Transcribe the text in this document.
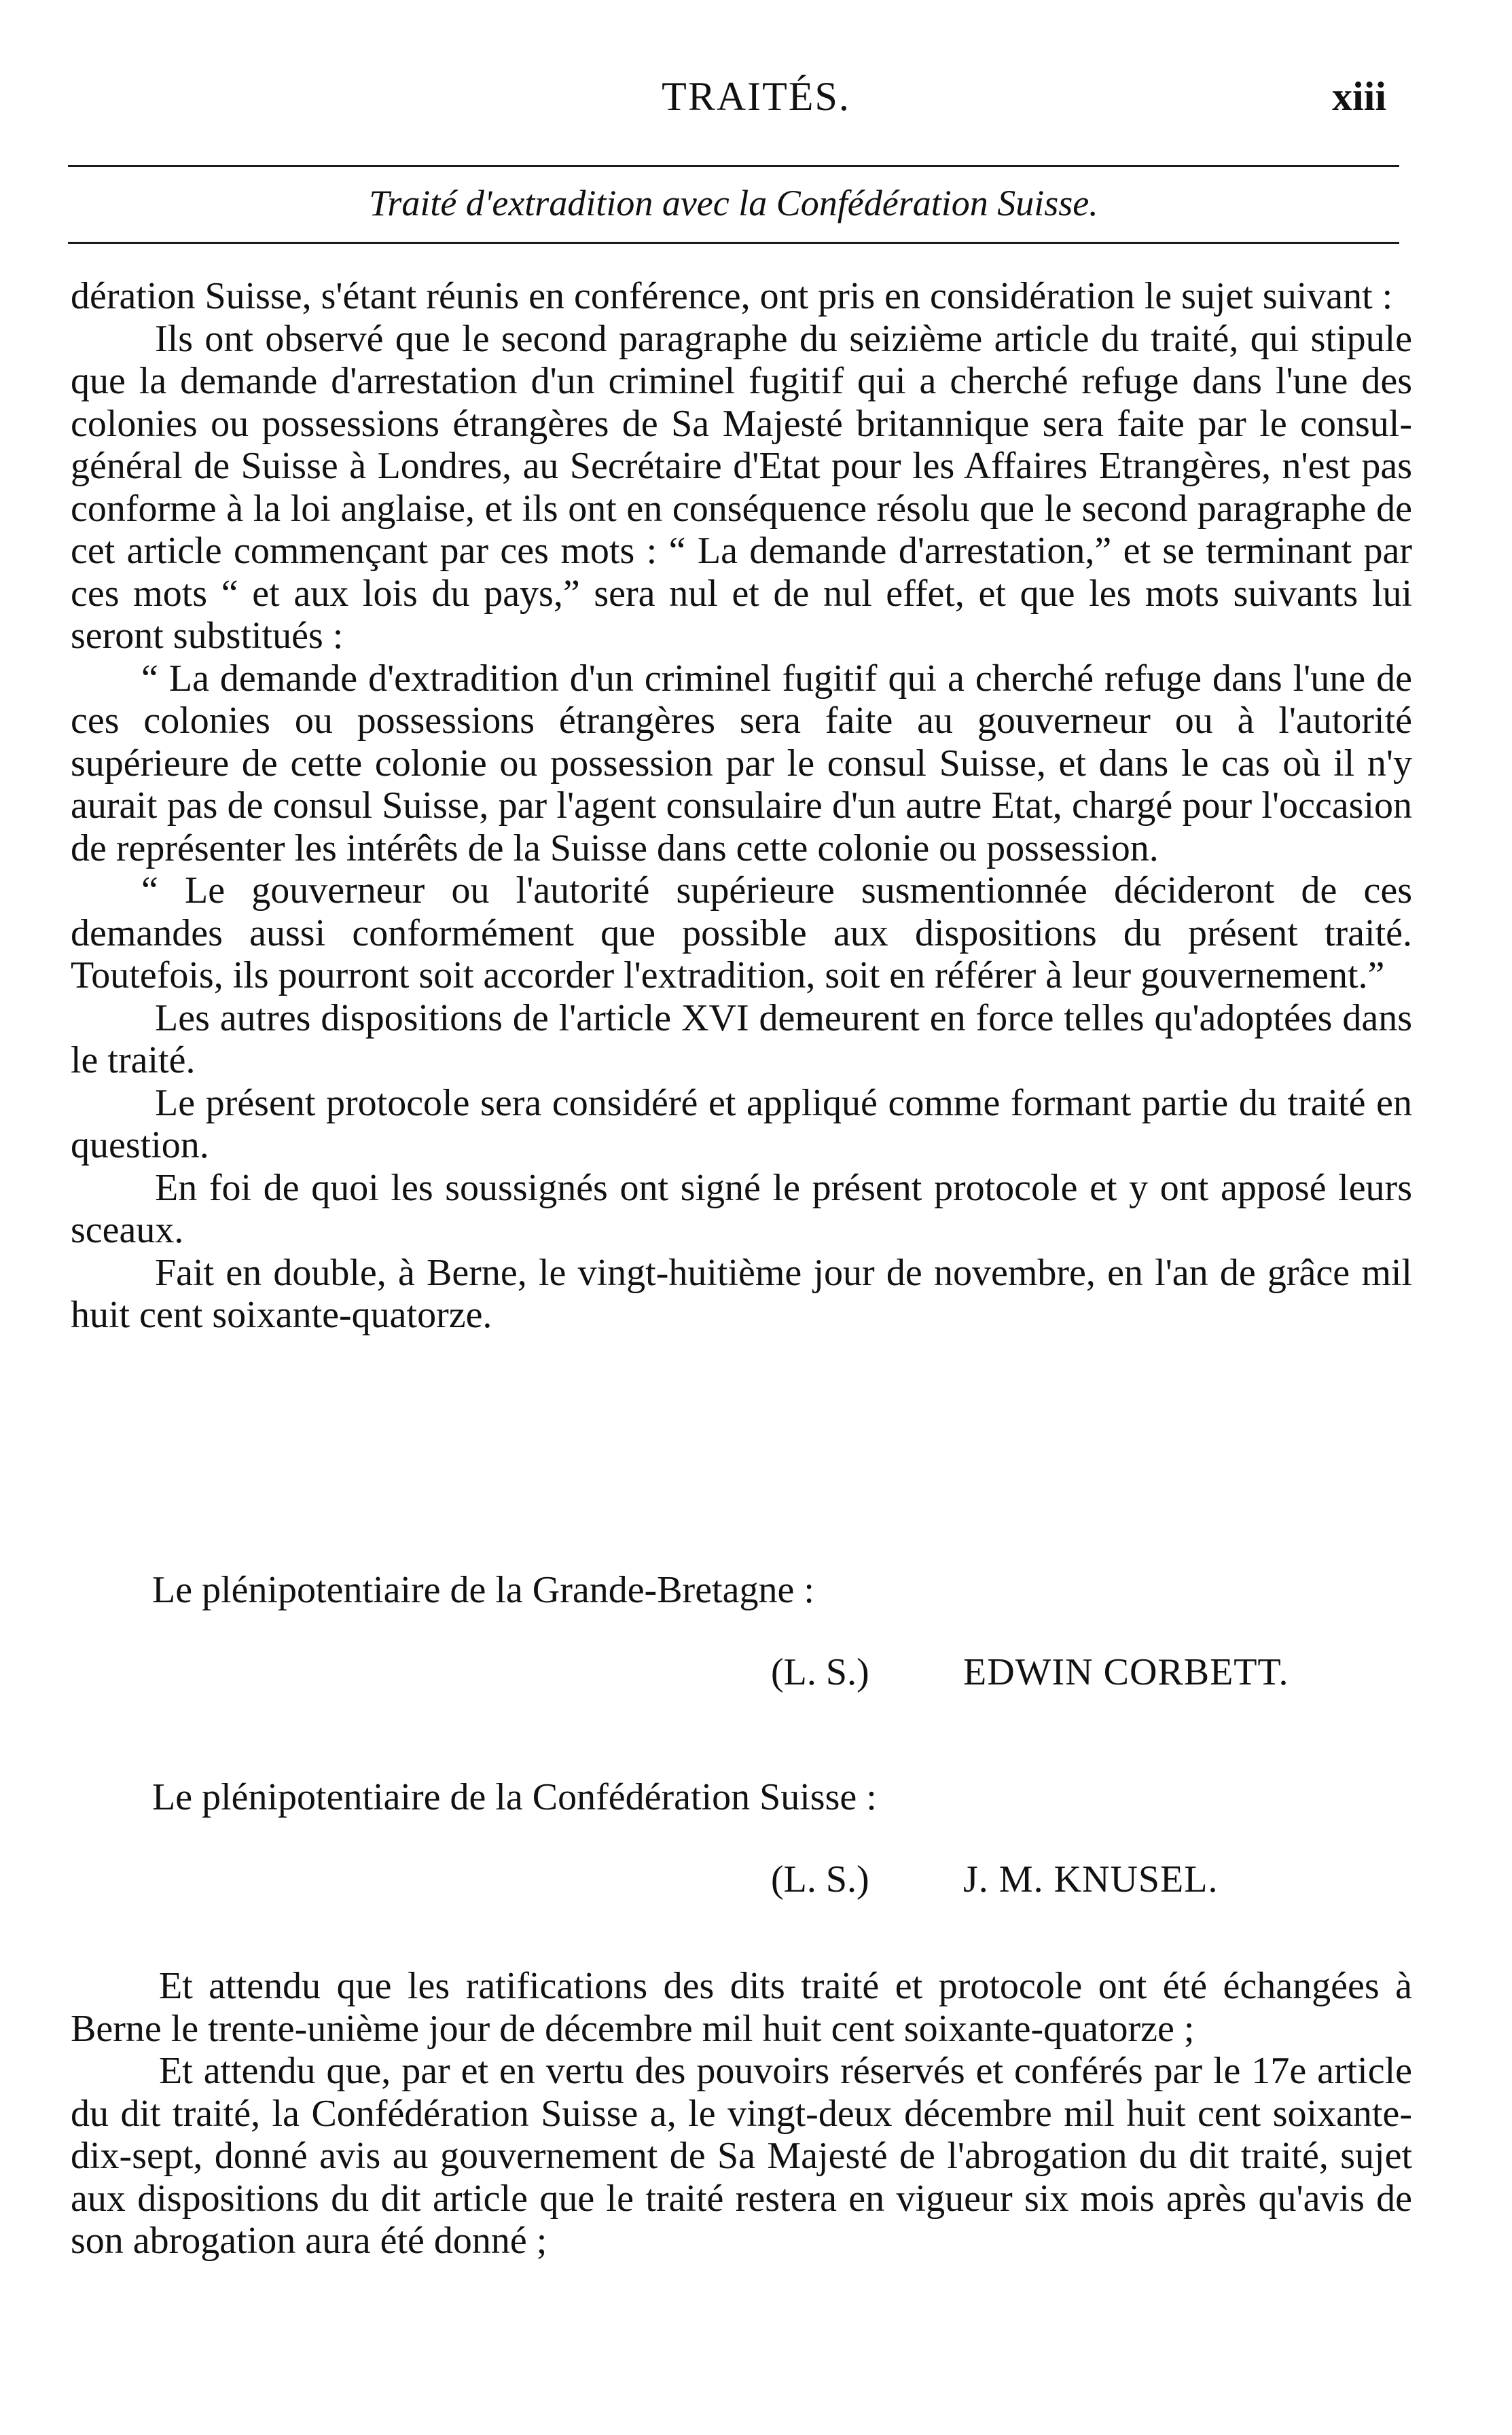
TRAITÉS.	xiii
Traité d'extradition avec la Confédération Suisse.

dération Suisse, s'étant réunis en conférence, ont pris en considération le sujet suivant :

Ils ont observé que le second paragraphe du seizième article du traité, qui stipule que la demande d'arrestation d'un criminel fugitif qui a cherché refuge dans l'une des colonies ou possessions étrangères de Sa Majesté britannique sera faite par le consul-général de Suisse à Londres, au Secrétaire d'Etat pour les Affaires Etrangères, n'est pas conforme à la loi anglaise, et ils ont en conséquence résolu que le second paragraphe de cet article commençant par ces mots : “ La demande d'arrestation,” et se terminant par ces mots “ et aux lois du pays,” sera nul et de nul effet, et que les mots suivants lui seront substitués :

“ La demande d'extradition d'un criminel fugitif qui a cherché refuge dans l'une de ces colonies ou possessions étrangères sera faite au gouverneur ou à l'autorité supérieure de cette colonie ou possession par le consul Suisse, et dans le cas où il n'y aurait pas de consul Suisse, par l'agent consulaire d'un autre Etat, chargé pour l'occasion de représenter les intérêts de la Suisse dans cette colonie ou possession.

“ Le gouverneur ou l'autorité supérieure susmentionnée décideront de ces demandes aussi conformément que possible aux dispositions du présent traité. Toutefois, ils pourront soit accorder l'extradition, soit en référer à leur gouvernement.”

Les autres dispositions de l'article XVI demeurent en force telles qu'adoptées dans le traité.

Le présent protocole sera considéré et appliqué comme formant partie du traité en question.

En foi de quoi les soussignés ont signé le présent protocole et y ont apposé leurs sceaux.

Fait en double, à Berne, le vingt-huitième jour de novembre, en l'an de grâce mil huit cent soixante-quatorze.

Le plénipotentiaire de la Grande-Bretagne :
(L. S.) EDWIN CORBETT.
Le plénipotentiaire de la Confédération Suisse :
(L. S.) J. M. KNUSEL.

Et attendu que les ratifications des dits traité et protocole ont été échangées à Berne le trente-unième jour de décembre mil huit cent soixante-quatorze ;

Et attendu que, par et en vertu des pouvoirs réservés et conférés par le 17e article du dit traité, la Confédération Suisse a, le vingt-deux décembre mil huit cent soixante-dix-sept, donné avis au gouvernement de Sa Majesté de l'abrogation du dit traité, sujet aux dispositions du dit article que le traité restera en vigueur six mois après qu'avis de son abrogation aura été donné ;
